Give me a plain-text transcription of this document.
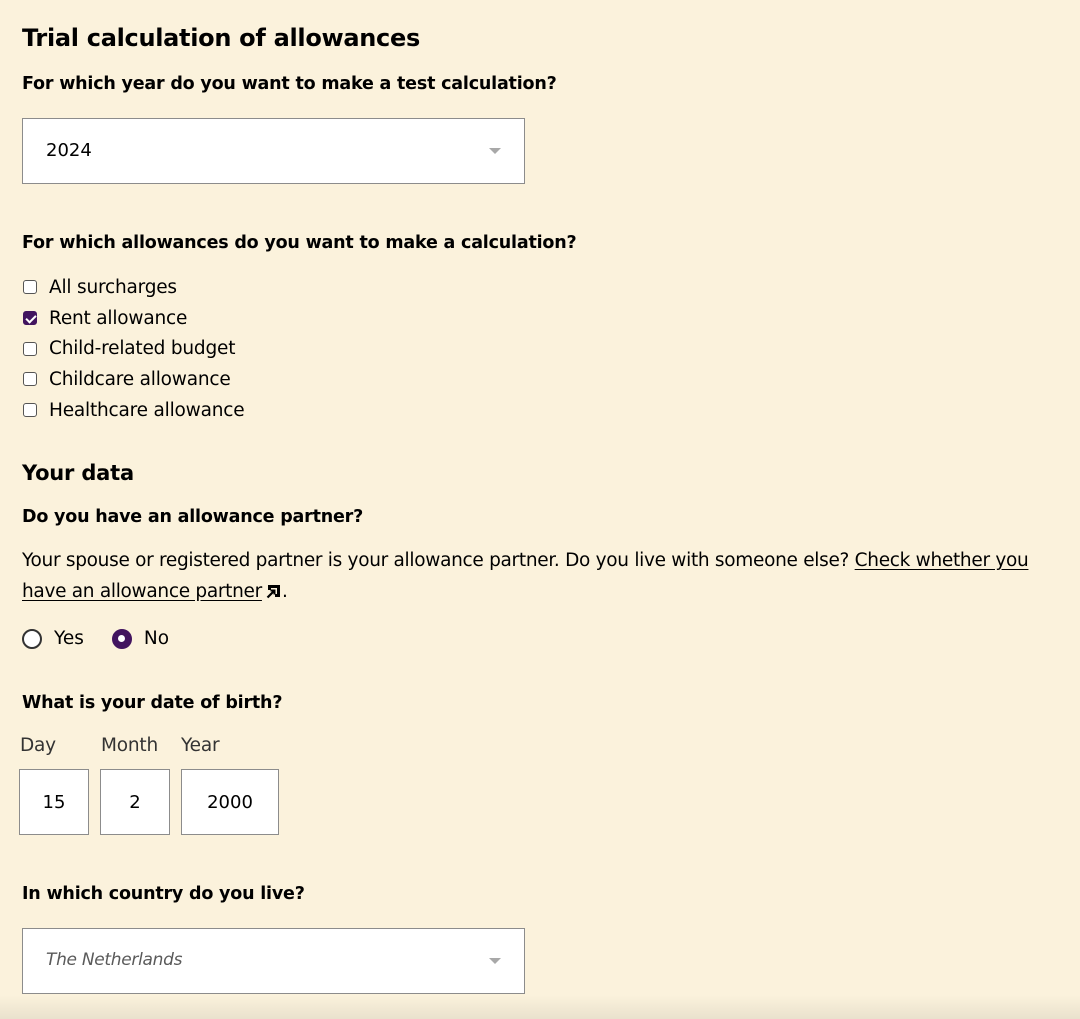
Trial calculation of allowances
For which year do you want to make a test calculation?
2024
For which allowances do you want to make a calculation?
All surcharges
Rent allowance
Child-related budget
Childcare allowance
Healthcare allowance
Your data
Do you have an allowance partner?
Your spouse or registered partner is your allowance partner. Do you live with someone else? Check whether you have an allowance partner .
Yes	No
What is your date of birth?
Day Month Year
15	2	2000
In which country do you live?
The Netherlands
